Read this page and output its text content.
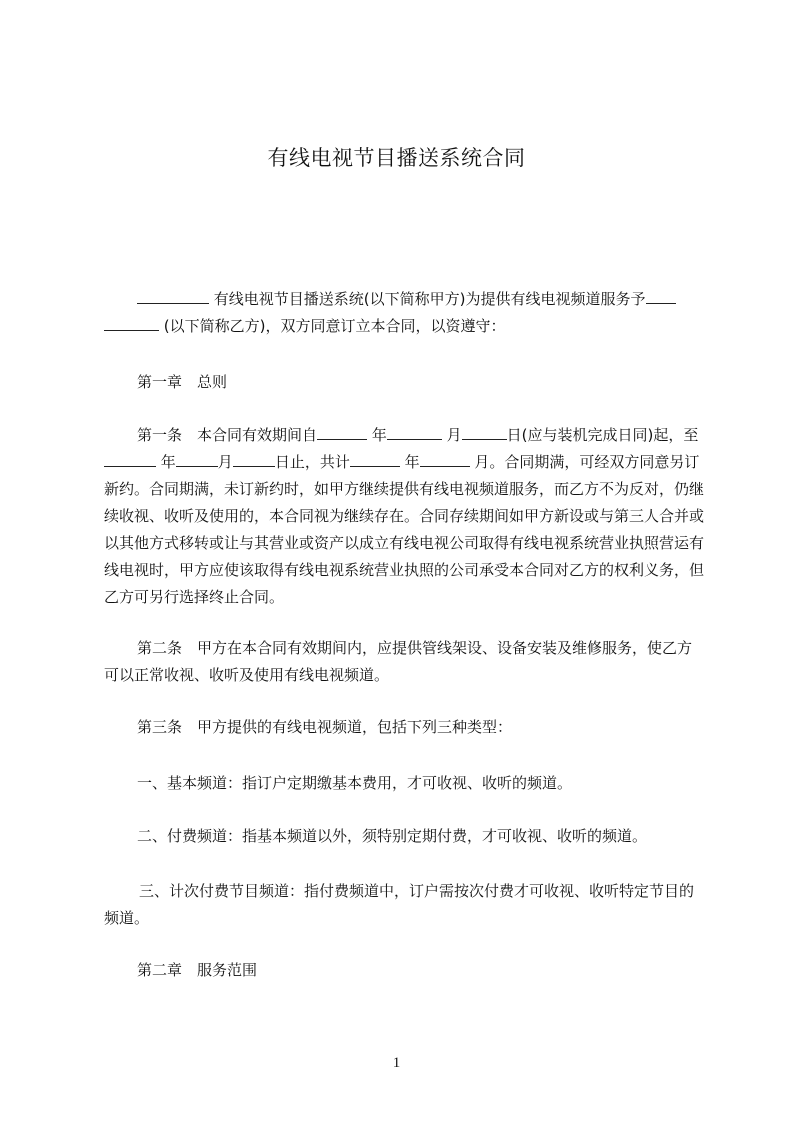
有线电视节目播送系统合同
有线电视节目播送系统(以下简称甲方)为提供有线电视频道服务予
(以下简称乙方)，双方同意订立本合同，以资遵守：
第一章　总则
第一条　 本合同有效期间自	年	月	日(应与装机完成日同)起，至 年	月	日止，共计	年	月。合同期满，可经双方同意另订新约。合同期满，未订新约时，如甲方继续提供有线电视频道服务，而乙方不为反对，仍继续收视、收听及使用的，本合同视为继续存在。合同存续期间如甲方新设或与第三人合并或以其他方式移转或让与其营业或资产以成立有线电视公司取得有线电视系统营业执照营运有线电视时，甲方应使该取得有线电视系统营业执照的公司承受本合同对乙方的权利义务，但乙方可另行选择终止合同。
第二条　甲方在本合同有效期间内，应提供管线架设、设备安装及维修服务，使乙方可以正常收视、收听及使用有线电视频道。
第三条　甲方提供的有线电视频道，包括下列三种类型：
一、基本频道：指订户定期缴基本费用，才可收视、收听的频道。
二、付费频道：指基本频道以外，须特别定期付费，才可收视、收听的频道。
三、计次付费节目频道：指付费频道中，订户需按次付费才可收视、收听特定节目的频道。
第二章　服务范围
1
